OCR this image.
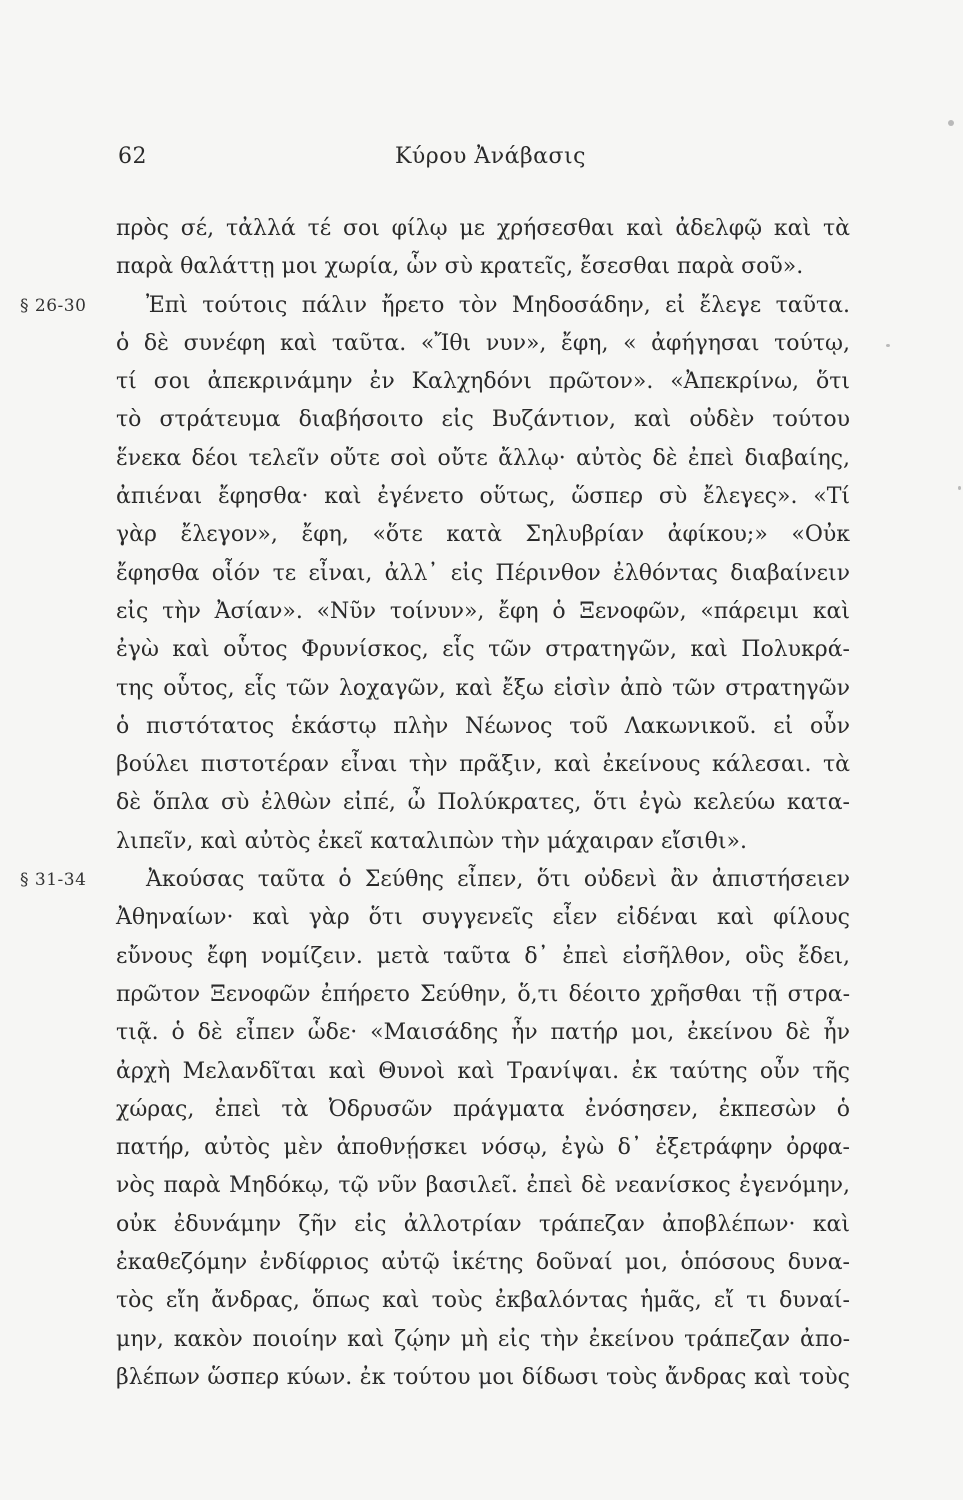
62	Κύρου Ἀνάβασις
§ 26-30
§ 31-34
πρὸς σέ, τἀλλά τέ σοι φίλῳ με χρήσεσθαι καὶ ἀδελφῷ καὶ τὰ
παρὰ θαλάττῃ μοι χωρία, ὧν σὺ κρατεῖς, ἔσεσθαι παρὰ σοῦ».
Ἐπὶ τούτοις πάλιν ἤρετο τὸν Μηδοσάδην, εἰ ἔλεγε ταῦτα.
ὁ δὲ συνέφη καὶ ταῦτα. «Ἴθι νυν», ἔφη, « ἀφήγησαι τούτῳ,
τί σοι ἀπεκρινάμην ἐν Καλχηδόνι πρῶτον». «Ἀπεκρίνω, ὅτι
τὸ στράτευμα διαβήσοιτο εἰς Βυζάντιον, καὶ οὐδὲν τούτου
ἕνεκα δέοι τελεῖν οὔτε σοὶ οὔτε ἄλλῳ· αὐτὸς δὲ ἐπεὶ διαβαίης,
ἀπιέναι ἔφησθα· καὶ ἐγένετο οὕτως, ὥσπερ σὺ ἔλεγες». «Τί
γὰρ ἔλεγον», ἔφη, «ὅτε κατὰ Σηλυβρίαν ἀφίκου;» «Οὐκ
ἔφησθα οἷόν τε εἶναι, ἀλλ᾽ εἰς Πέρινθον ἐλθόντας διαβαίνειν
εἰς τὴν Ἀσίαν». «Νῦν τοίνυν», ἔφη ὁ Ξενοφῶν, «πάρειμι καὶ
ἐγὼ καὶ οὗτος Φρυνίσκος, εἷς τῶν στρατηγῶν, καὶ Πολυκρά-
της οὗτος, εἷς τῶν λοχαγῶν, καὶ ἔξω εἰσὶν ἀπὸ τῶν στρατηγῶν
ὁ πιστότατος ἑκάστῳ πλὴν Νέωνος τοῦ Λακωνικοῦ. εἰ οὖν
βούλει πιστοτέραν εἶναι τὴν πρᾶξιν, καὶ ἐκείνους κάλεσαι. τὰ
δὲ ὅπλα σὺ ἐλθὼν εἰπέ, ὦ Πολύκρατες, ὅτι ἐγὼ κελεύω κατα-
λιπεῖν, καὶ αὐτὸς ἐκεῖ καταλιπὼν τὴν μάχαιραν εἴσιθι».
Ἀκούσας ταῦτα ὁ Σεύθης εἶπεν, ὅτι οὐδενὶ ἂν ἀπιστήσειεν
Ἀθηναίων· καὶ γὰρ ὅτι συγγενεῖς εἶεν εἰδέναι καὶ φίλους
εὔνους ἔφη νομίζειν. μετὰ ταῦτα δ᾽ ἐπεὶ εἰσῆλθον, οὓς ἔδει,
πρῶτον Ξενοφῶν ἐπήρετο Σεύθην, ὅ,τι δέοιτο χρῆσθαι τῇ στρα-
τιᾷ. ὁ δὲ εἶπεν ὧδε· «Μαισάδης ἦν πατήρ μοι, ἐκείνου δὲ ἦν
ἀρχὴ Μελανδῖται καὶ Θυνοὶ καὶ Τρανίψαι. ἐκ ταύτης οὖν τῆς
χώρας, ἐπεὶ τὰ Ὀδρυσῶν πράγματα ἐνόσησεν, ἐκπεσὼν ὁ
πατήρ, αὐτὸς μὲν ἀποθνῄσκει νόσῳ, ἐγὼ δ᾽ ἐξετράφην ὀρφα-
νὸς παρὰ Μηδόκῳ, τῷ νῦν βασιλεῖ. ἐπεὶ δὲ νεανίσκος ἐγενόμην,
οὐκ ἐδυνάμην ζῆν εἰς ἀλλοτρίαν τράπεζαν ἀποβλέπων· καὶ
ἐκαθεζόμην ἐνδίφριος αὐτῷ ἱκέτης δοῦναί μοι, ὁπόσους δυνα-
τὸς εἴη ἄνδρας, ὅπως καὶ τοὺς ἐκβαλόντας ἡμᾶς, εἴ τι δυναί-
μην, κακὸν ποιοίην καὶ ζῴην μὴ εἰς τὴν ἐκείνου τράπεζαν ἀπο-
βλέπων ὥσπερ κύων. ἐκ τούτου μοι δίδωσι τοὺς ἄνδρας καὶ τοὺς
